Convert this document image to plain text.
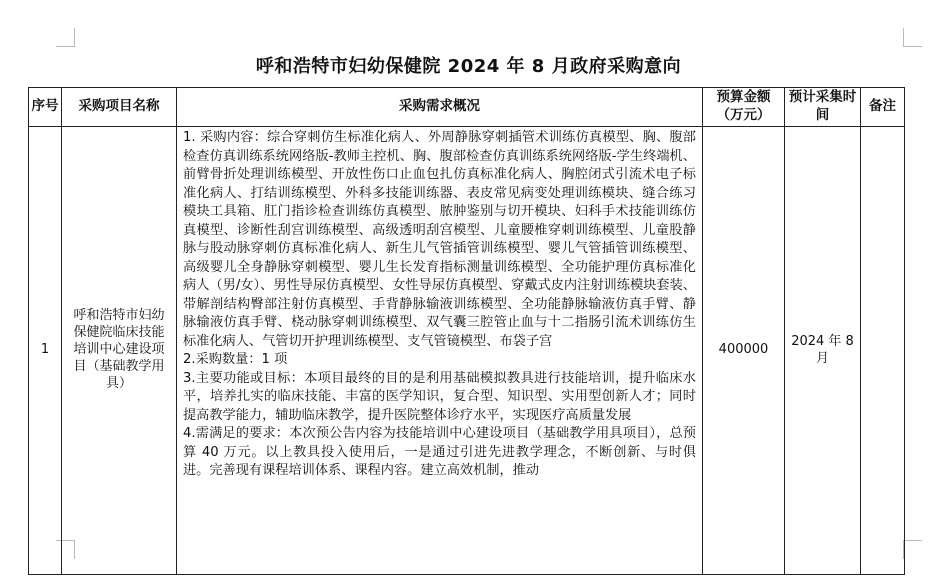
呼和浩特市妇幼保健院 2024 年 8 月政府采购意向
序号	采购项目名称	采购需求概况	预算金额（万元）	预计采集时间	备注
1	呼和浩特市妇幼保健院临床技能培训中心建设项目（基础教学用具）	1. 采购内容：综合穿刺仿生标准化病人、外周静脉穿刺插管术训练仿真模型、胸、腹部检查仿真训练系统网络版-教师主控机、胸、腹部检查仿真训练系统网络版-学生终端机、前臂骨折处理训练模型、开放性伤口止血包扎仿真标准化病人、胸腔闭式引流术电子标准化病人、打结训练模型、外科多技能训练器、表皮常见病变处理训练模块、缝合练习模块工具箱、肛门指诊检查训练仿真模型、脓肿鉴别与切开模块、妇科手术技能训练仿真模型、诊断性刮宫训练模型、高级透明刮宫模型、儿童腰椎穿刺训练模型、儿童股静脉与股动脉穿刺仿真标准化病人、新生儿气管插管训练模型、婴儿气管插管训练模型、高级婴儿全身静脉穿刺模型、婴儿生长发育指标测量训练模型、全功能护理仿真标准化病人（男/女）、男性导尿仿真模型、女性导尿仿真模型、穿戴式皮内注射训练模块套装、带解剖结构臀部注射仿真模型、手背静脉输液训练模型、全功能静脉输液仿真手臂、静脉输液仿真手臂、桡动脉穿刺训练模型、双气囊三腔管止血与十二指肠引流术训练仿生标准化病人、气管切开护理训练模型、支气管镜模型、布袋子宫

2.采购数量：1 项

3.主要功能或目标：本项目最终的目的是利用基础模拟教具进行技能培训，提升临床水平，培养扎实的临床技能、丰富的医学知识，复合型、知识型、实用型创新人才；同时提高教学能力，辅助临床教学，提升医院整体诊疗水平，实现医疗高质量发展

4.需满足的要求：本次预公告内容为技能培训中心建设项目（基础教学用具项目），总预算 40 万元。以上教具投入使用后，一是通过引进先进教学理念，不断创新、与时俱进。完善现有课程培训体系、课程内容。建立高效机制，推动	400000	2024 年 8 月	
